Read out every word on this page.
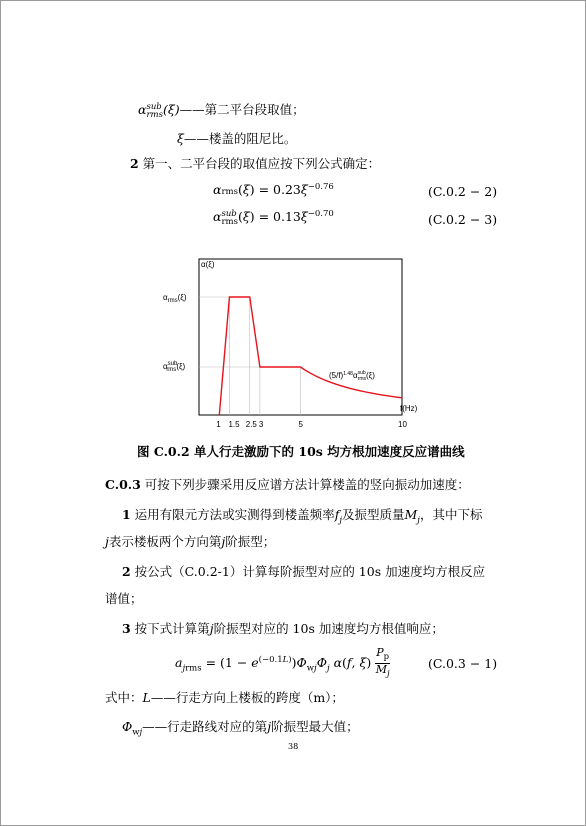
α sub
rms (ξ)——第二平台段取值；
ξ——楼盖的阻尼比。
2 第一、二平台段的取值应按下列公式确定：
$\alpha rms(\xi) = 0.23\xi^{-0.76}$	(C.0.2 − 2)
α sub
rms $(\xi) = 0.13\xi^{-0.70}$	(C.0.2 − 3)
α(ξ)
f(Hz)
$\alpha_{rms}(\xi)$
$\alpha^{sub}$ rms(ξ)
$(5/f)^{1.48}\alpha^{sub}$ rms(ξ)
1 1.5 2.5 3	5	10
图 C.0.2 单人行走激励下的 10s 均方根加速度反应谱曲线
C.0.3 可按下列步骤采用反应谱方法计算楼盖的竖向振动加速度：
1 运用有限元方法或实测得到楼盖频率$f_j$及振型质量$M_j$，其中下标
j表示楼板两个方向第j阶振型；
2 按公式（C.0.2-1）计算每阶振型对应的 10s 加速度均方根反应
谱值；
3 按下式计算第j阶振型对应的 10s 加速度均方根值响应；
$a_{jrms} = (1 - e^{(-0.1L)})\Phi_{wj}\Phi_j$ α(f, $\xi) \frac{P_p}{M_j}$	(C.0.3 − 1)
式中：L——行走方向上楼板的跨度（m）；
$\Phi_{wj}——$行走路线对应的第j阶振型最大值；
38
